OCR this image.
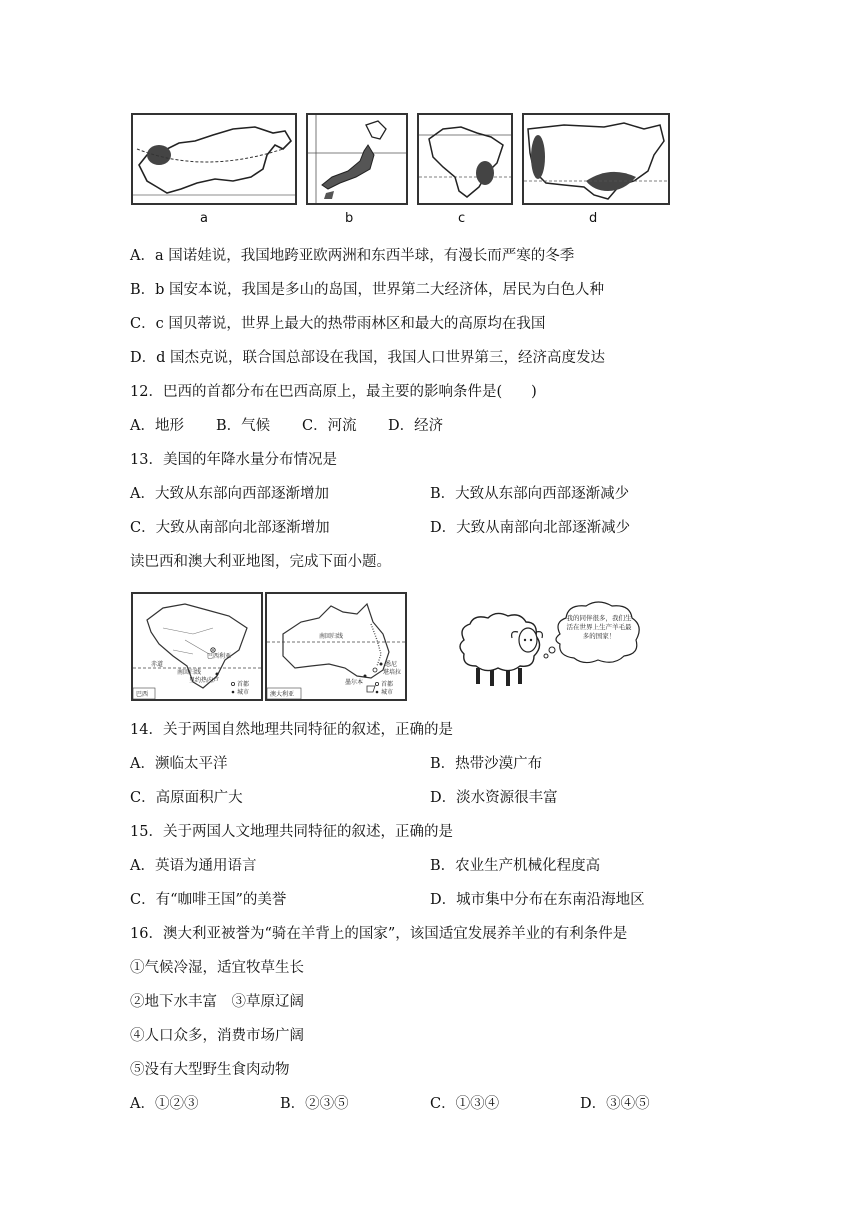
a	b	c	d
A．a 国诺娃说，我国地跨亚欧两洲和东西半球，有漫长而严寒的冬季
B．b 国安本说，我国是多山的岛国，世界第二大经济体，居民为白色人种
C．c 国贝蒂说，世界上最大的热带雨林区和最大的高原均在我国
D．d 国杰克说，联合国总部设在我国，我国人口世界第三，经济高度发达
12．巴西的首都分布在巴西高原上，最主要的影响条件是(　　)
A．地形 B．气候 C．河流 D．经济
13．美国的年降水量分布情况是
A．大致从东部向西部逐渐增加	B．大致从东部向西部逐渐减少
C．大致从南部向北部逐渐增加	D．大致从南部向北部逐渐减少
读巴西和澳大利亚地图，完成下面小题。
巴西利亚
赤道
南回归线
里约热内卢
巴西
首都
城市
南回归线
悉尼
墨尔本
堪培拉
澳大利亚
首都
城市
我的同伴很多，我们生活在世界上生产羊毛最多的国家！
14．关于两国自然地理共同特征的叙述，正确的是
A．濒临太平洋	B．热带沙漠广布
C．高原面积广大	D．淡水资源很丰富
15．关于两国人文地理共同特征的叙述，正确的是
A．英语为通用语言	B．农业生产机械化程度高
C．有“咖啡王国”的美誉	D．城市集中分布在东南沿海地区
16．澳大利亚被誉为“骑在羊背上的国家”，该国适宜发展养羊业的有利条件是
①气候冷湿，适宜牧草生长
②地下水丰富　③草原辽阔
④人口众多，消费市场广阔
⑤没有大型野生食肉动物
A．①②③	B．②③⑤	C．①③④	D．③④⑤
